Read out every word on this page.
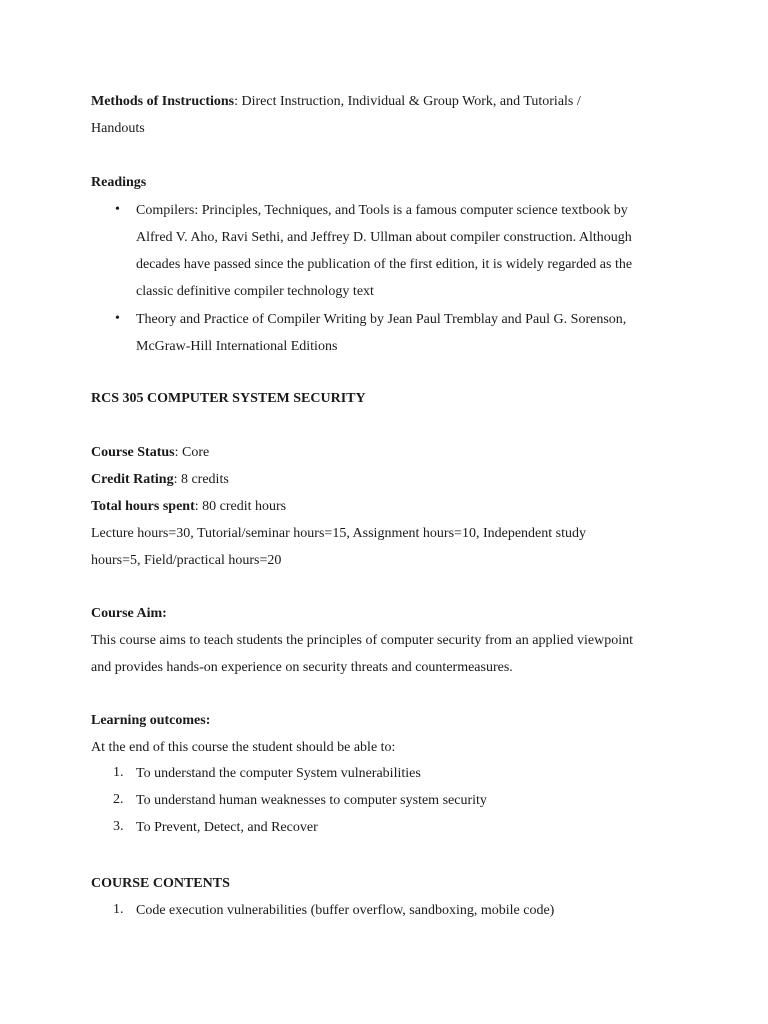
Methods of Instructions: Direct Instruction, Individual & Group Work, and Tutorials /
Handouts
Readings
• Compilers: Principles, Techniques, and Tools is a famous computer science textbook by
Alfred V. Aho, Ravi Sethi, and Jeffrey D. Ullman about compiler construction. Although
decades have passed since the publication of the first edition, it is widely regarded as the
classic definitive compiler technology text
• Theory and Practice of Compiler Writing by Jean Paul Tremblay and Paul G. Sorenson,
McGraw-Hill International Editions
RCS 305 COMPUTER SYSTEM SECURITY
Course Status: Core
Credit Rating: 8 credits
Total hours spent: 80 credit hours
Lecture hours=30, Tutorial/seminar hours=15, Assignment hours=10, Independent study
hours=5, Field/practical hours=20
Course Aim:
This course aims to teach students the principles of computer security from an applied viewpoint
and provides hands-on experience on security threats and countermeasures.
Learning outcomes:
At the end of this course the student should be able to:
1. To understand the computer System vulnerabilities
2. To understand human weaknesses to computer system security
3. To Prevent, Detect, and Recover
COURSE CONTENTS
1. Code execution vulnerabilities (buffer overflow, sandboxing, mobile code)
